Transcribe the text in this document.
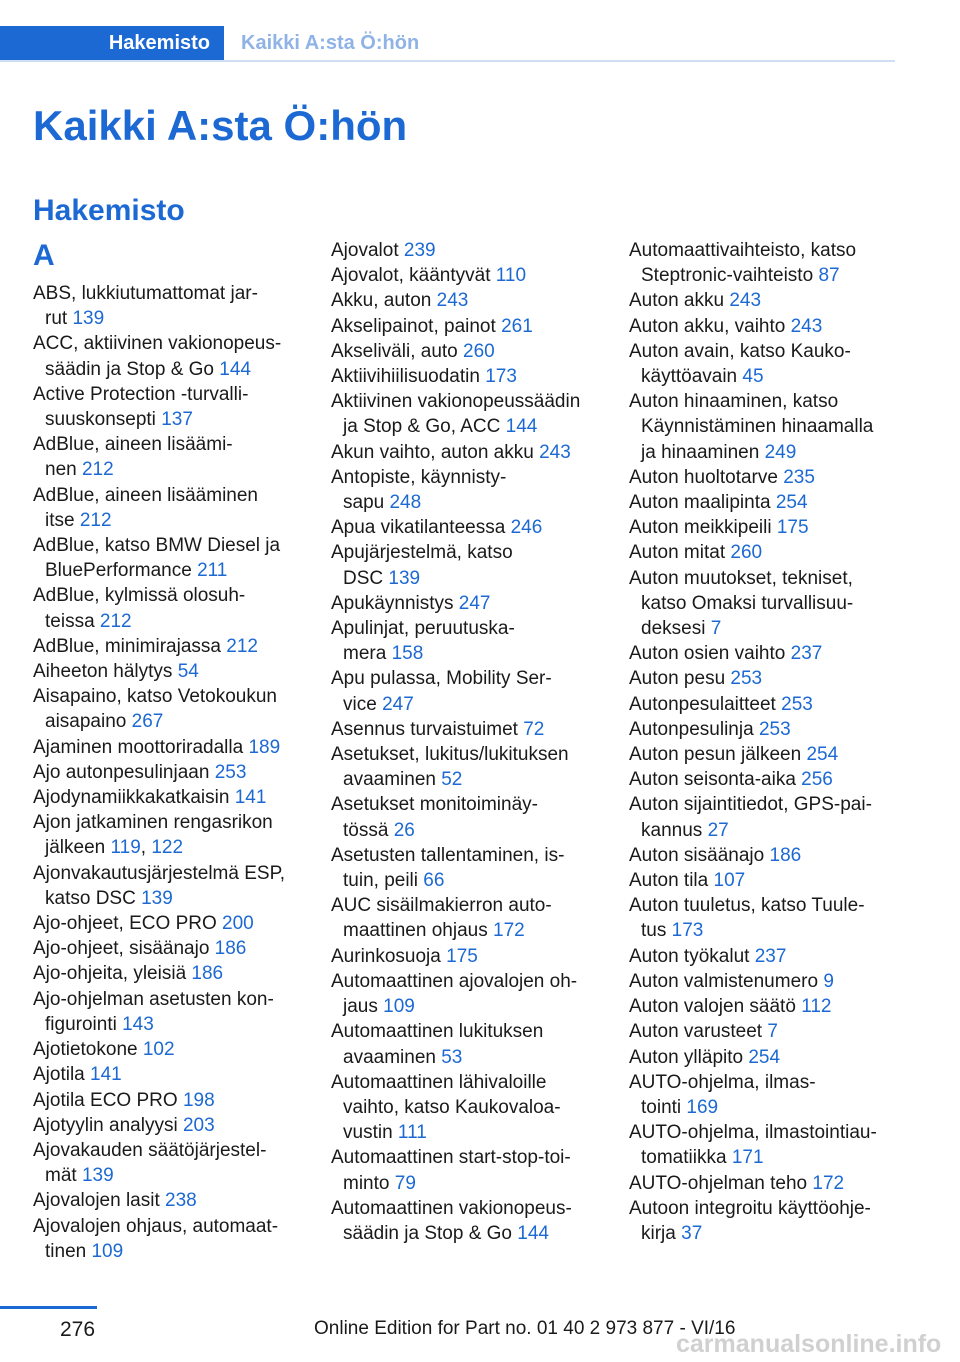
Hakemisto	Kaikki A:sta Ö:hön
Kaikki A:sta Ö:hön
Hakemisto
A
ABS, lukkiutumattomat jar‐
rut 139
ACC, aktiivinen vakionopeus‐
säädin ja Stop & Go 144
Active Protection ‑turvalli‐
suuskonsepti 137
AdBlue, aineen lisäämi‐
nen 212
AdBlue, aineen lisääminen
itse 212
AdBlue, katso BMW Diesel ja
BluePerformance 211
AdBlue, kylmissä olosuh‐
teissa 212
AdBlue, minimirajassa 212
Aiheeton hälytys 54
Aisapaino, katso Vetokoukun
aisapaino 267
Ajaminen moottoriradalla 189
Ajo autonpesulinjaan 253
Ajodynamiikkakatkaisin 141
Ajon jatkaminen rengasrikon
jälkeen 119, 122
Ajonvakautusjärjestelmä ESP,
katso DSC 139
Ajo-ohjeet, ECO PRO 200
Ajo-ohjeet, sisäänajo 186
Ajo-ohjeita, yleisiä 186
Ajo-ohjelman asetusten kon‐
figurointi 143
Ajotietokone 102
Ajotila 141
Ajotila ECO PRO 198
Ajotyylin analyysi 203
Ajovakauden säätöjärjestel‐
mät 139
Ajovalojen lasit 238
Ajovalojen ohjaus, automaat‐
tinen 109
Ajovalot 239
Ajovalot, kääntyvät 110
Akku, auton 243
Akselipainot, painot 261
Akseliväli, auto 260
Aktiivihiilisuodatin 173
Aktiivinen vakionopeussäädin
ja Stop & Go, ACC 144
Akun vaihto, auton akku 243
Antopiste, käynnisty‐
sapu 248
Apua vikatilanteessa 246
Apujärjestelmä, katso
DSC 139
Apukäynnistys 247
Apulinjat, peruutuska‐
mera 158
Apu pulassa, Mobility Ser‐
vice 247
Asennus turvaistuimet 72
Asetukset, lukitus/lukituksen
avaaminen 52
Asetukset monitoiminäy‐
tössä 26
Asetusten tallentaminen, is‐
tuin, peili 66
AUC sisäilmakierron auto‐
maattinen ohjaus 172
Aurinkosuoja 175
Automaattinen ajovalojen oh‐
jaus 109
Automaattinen lukituksen
avaaminen 53
Automaattinen lähivaloille
vaihto, katso Kaukovaloa‐
vustin 111
Automaattinen start-stop-toi‐
minto 79
Automaattinen vakionopeus‐
säädin ja Stop & Go 144
Automaattivaihteisto, katso
Steptronic-vaihteisto 87
Auton akku 243
Auton akku, vaihto 243
Auton avain, katso Kauko‐
käyttöavain 45
Auton hinaaminen, katso
Käynnistäminen hinaamalla
ja hinaaminen 249
Auton huoltotarve 235
Auton maalipinta 254
Auton meikkipeili 175
Auton mitat 260
Auton muutokset, tekniset,
katso Omaksi turvallisuu‐
deksesi 7
Auton osien vaihto 237
Auton pesu 253
Autonpesulaitteet 253
Autonpesulinja 253
Auton pesun jälkeen 254
Auton seisonta-aika 256
Auton sijaintitiedot, GPS-pai‐
kannus 27
Auton sisäänajo 186
Auton tila 107
Auton tuuletus, katso Tuule‐
tus 173
Auton työkalut 237
Auton valmistenumero 9
Auton valojen säätö 112
Auton varusteet 7
Auton ylläpito 254
AUTO-ohjelma, ilmas‐
tointi 169
AUTO-ohjelma, ilmastointiau‐
tomatiikka 171
AUTO-ohjelman teho 172
Autoon integroitu käyttöohje‐
kirja 37
276	Online Edition for Part no. 01 40 2 973 877 - VI/16
carmanualsonline.info
